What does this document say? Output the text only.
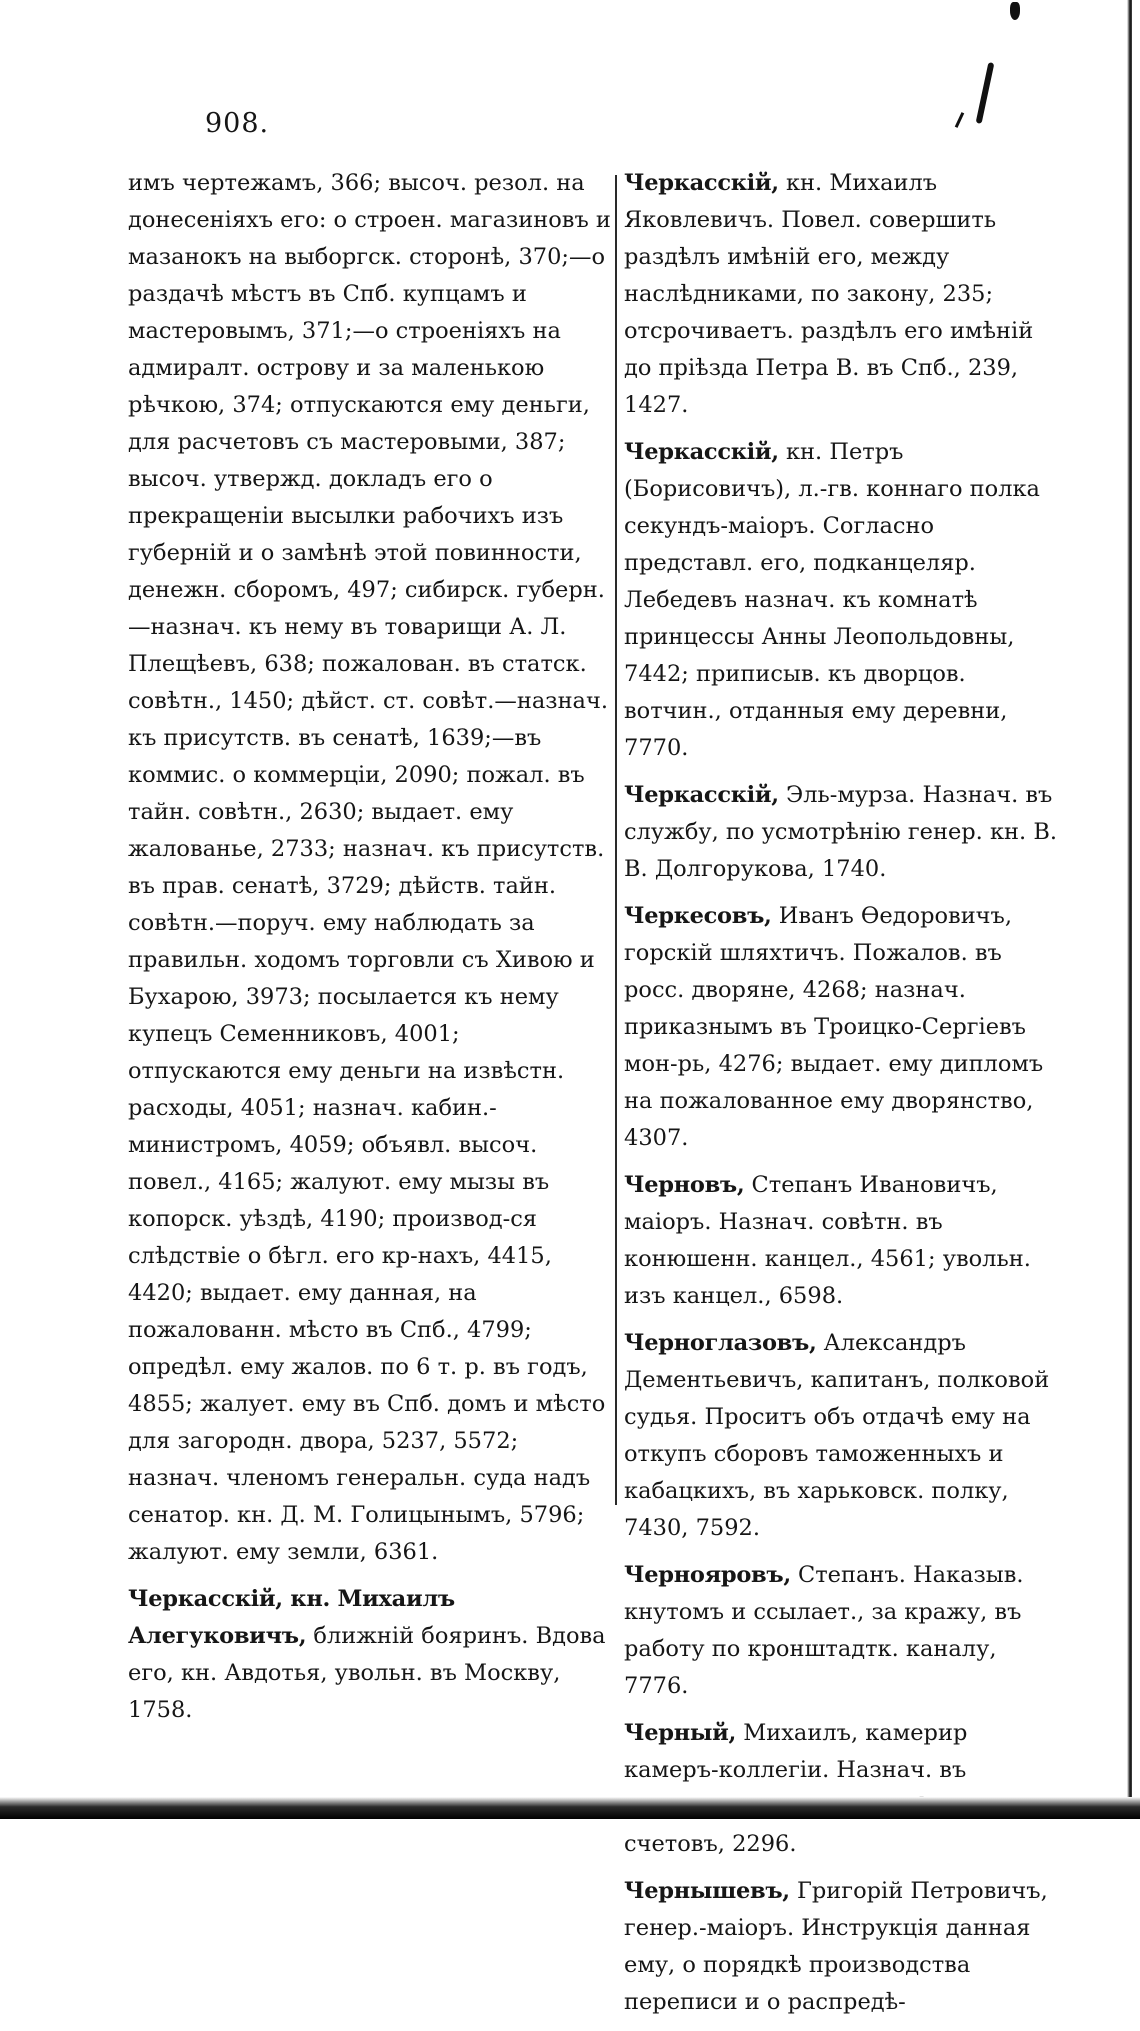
908.
имъ чертежамъ, 366; высоч. резол. на донесеніяхъ его: о строен. магазиновъ и мазанокъ на выборгск. сторонѣ, 370;—о раздачѣ мѣстъ въ Спб. купцамъ и мастеровымъ, 371;—о строеніяхъ на адмиралт. острову и за маленькою рѣчкою, 374; отпускаются ему деньги, для расчетовъ съ мастеровыми, 387; высоч. утвержд. докладъ его о прекращеніи высылки рабочихъ изъ губерній и о замѣнѣ этой повинности, денежн. сборомъ, 497; сибирск. губерн.—назнач. къ нему въ товарищи А. Л. Плещѣевъ, 638; пожалован. въ статск. совѣтн., 1450; дѣйст. ст. совѣт.—назнач. къ присутств. въ сенатѣ, 1639;—въ коммис. о коммерціи, 2090; пожал. въ тайн. совѣтн., 2630; выдает. ему жалованье, 2733; назнач. къ присутств. въ прав. сенатѣ, 3729; дѣйств. тайн. совѣтн.—поруч. ему наблюдать за правильн. ходомъ торговли съ Хивою и Бухарою, 3973; посылается къ нему купецъ Семенниковъ, 4001; отпускаются ему деньги на извѣстн. расходы, 4051; назнач. кабин.-министромъ, 4059; объявл. высоч. повел., 4165; жалуют. ему мызы въ копорск. уѣздѣ, 4190; производ-ся слѣдствіе о бѣгл. его кр-нахъ, 4415, 4420; выдает. ему данная, на пожалованн. мѣсто въ Спб., 4799; опредѣл. ему жалов. по 6 т. р. въ годъ, 4855; жалует. ему въ Спб. домъ и мѣсто для загородн. двора, 5237, 5572; назнач. членомъ генеральн. суда надъ сенатор. кн. Д. М. Голицынымъ, 5796; жалуют. ему земли, 6361.
Черкасскій, кн. Михаилъ Алегуковичъ, ближній бояринъ. Вдова его, кн. Авдотья, увольн. въ Москву, 1758.
Черкасскій, кн. Михаилъ Яковлевичъ. Повел. совершить раздѣлъ имѣній его, между наслѣдниками, по закону, 235; отсрочиваетъ. раздѣлъ его имѣній до пріѣзда Петра В. въ Спб., 239, 1427.
Черкасскій, кн. Петръ (Борисовичъ), л.-гв. коннаго полка секундъ-маіоръ. Согласно представл. его, подканцеляр. Лебедевъ назнач. къ комнатѣ принцессы Анны Леопольдовны, 7442; приписыв. къ дворцов. вотчин., отданныя ему деревни, 7770.
Черкасскій, Эль-мурза. Назнач. въ службу, по усмотрѣнію генер. кн. В. В. Долгорукова, 1740.
Черкесовъ, Иванъ Өедоровичъ, горскій шляхтичъ. Пожалов. въ росс. дворяне, 4268; назнач. приказнымъ въ Троицко-Сергіевъ мон-рь, 4276; выдает. ему дипломъ на пожалованное ему дворянство, 4307.
Черновъ, Степанъ Ивановичъ, маіоръ. Назнач. совѣтн. въ конюшенн. канцел., 4561; увольн. изъ канцел., 6598.
Черноглазовъ, Александръ Дементьевичъ, капитанъ, полковой судья. Проситъ объ отдачѣ ему на откупъ сборовъ таможенныхъ и кабацкихъ, въ харьковск. полку, 7430, 7592.
Чернояровъ, Степанъ. Наказыв. кнутомъ и ссылает., за кражу, въ работу по кронштадтк. каналу, 7776.
Черный, Михаилъ, камерир камеръ-коллегіи. Назнач. въ счетовъ, 2296.
Чернышевъ, Григорій Петровичъ, генер.-маіоръ. Инструкція данная ему, о порядкѣ производства переписи и о распредѣ-
